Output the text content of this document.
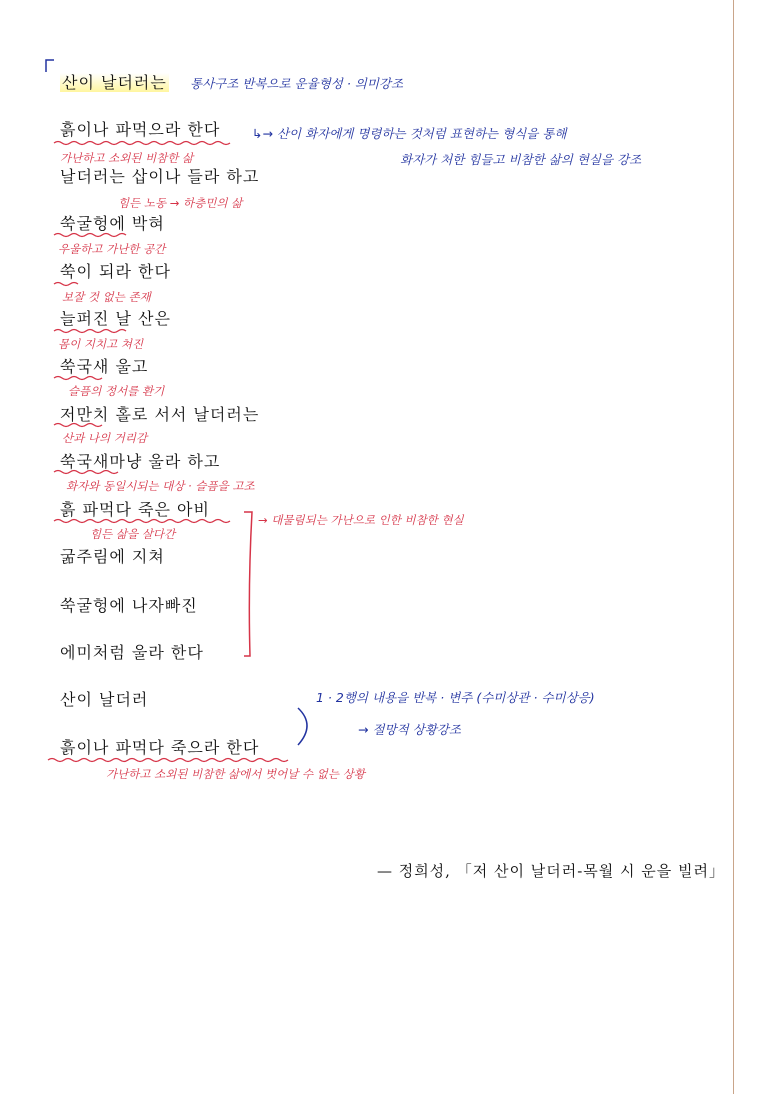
산이 날더러는
흙이나 파먹으라 한다
날더러는 삽이나 들라 하고
쑥굴헝에 박혀
쑥이 되라 한다
늘퍼진 날 산은
쑥국새 울고
저만치 홀로 서서 날더러는
쑥국새마냥 울라 하고
흙 파먹다 죽은 아비
굶주림에 지쳐
쑥굴헝에 나자빠진
에미처럼 울라 한다
산이 날더러
흙이나 파먹다 죽으라 한다
통사구조 반복으로 운율형성 · 의미강조
↳→ 산이 화자에게 명령하는 것처럼 표현하는 형식을 통해
화자가 처한 힘들고 비참한 삶의 현실을 강조
1 · 2행의 내용을 반복 · 변주 (수미상관 · 수미상응)
→ 절망적 상황강조
가난하고 소외된 비참한 삶
힘든 노동 → 하층민의 삶
우울하고 가난한 공간
보잘 것 없는 존재
몸이 지치고 쳐진
슬픔의 정서를 환기
산과 나의 거리감
화자와 동일시되는 대상 · 슬픔을 고조
힘든 삶을 살다간
→ 대물림되는 가난으로 인한 비참한 현실
가난하고 소외된 비참한 삶에서 벗어날 수 없는 상황
— 정희성, 「저 산이 날더러-목월 시 운을 빌려」
